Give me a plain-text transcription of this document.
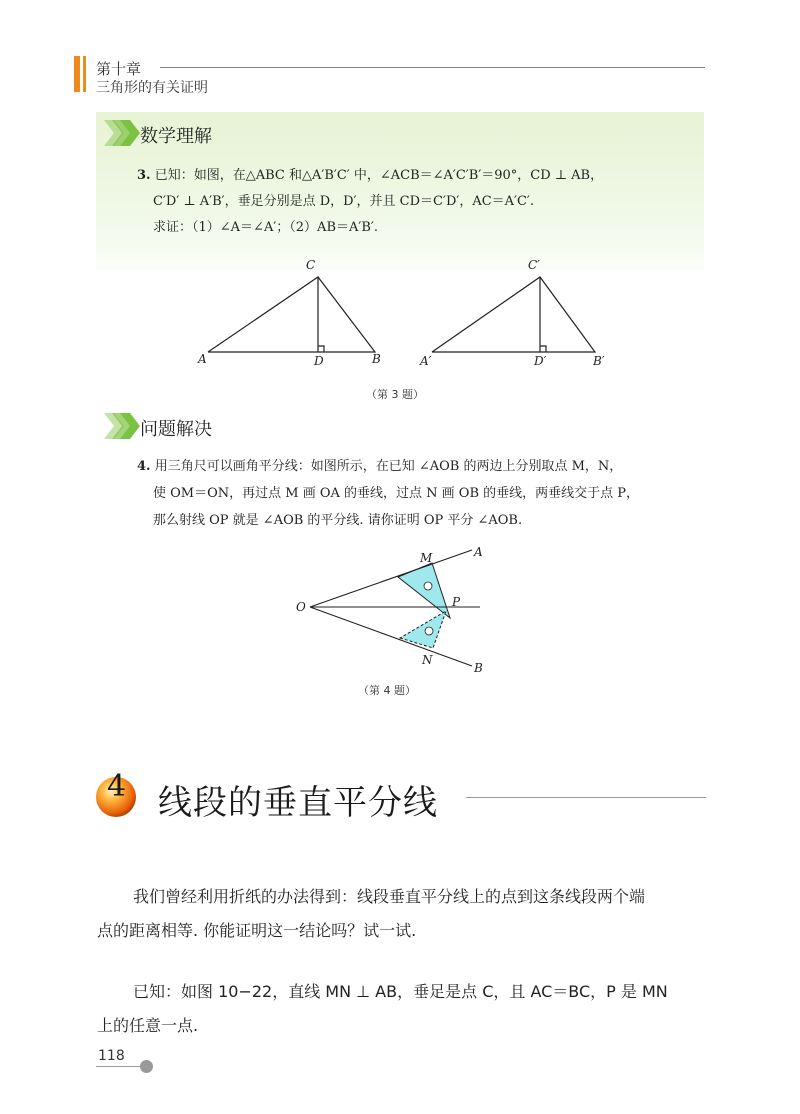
第十章
三角形的有关证明
数学理解
3. 已知：如图，在△ABC 和△A′B′C′ 中，∠ACB＝∠A′C′B′＝90°，CD ⊥ AB，
C′D′ ⊥ A′B′，垂足分别是点 D，D′，并且 CD＝C′D′，AC＝A′C′.
求证：（1）∠A＝∠A′；（2）AB＝A′B′.
A	B
C
D	A′	B′
C′
D′
（第 3 题）
问题解决
4. 用三角尺可以画角平分线：如图所示，在已知 ∠AOB 的两边上分别取点 M，N，
使 OM＝ON，再过点 M 画 OA 的垂线，过点 N 画 OB 的垂线，两垂线交于点 P，
那么射线 OP 就是 ∠AOB 的平分线. 请你证明 OP 平分 ∠AOB.
O
M	A
P
N
B
（第 4 题）
4 线段的垂直平分线
我们曾经利用折纸的办法得到：线段垂直平分线上的点到这条线段两个端
点的距离相等. 你能证明这一结论吗？试一试.
已知：如图 10−22，直线 MN ⊥ AB，垂足是点 C，且 AC＝BC，P 是 MN
上的任意一点.
118
